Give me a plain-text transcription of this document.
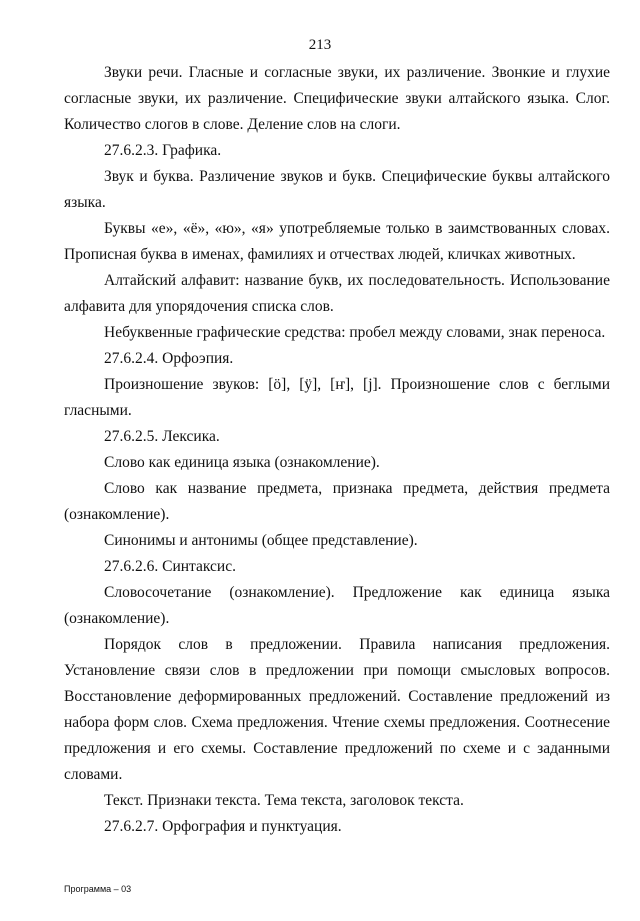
213

Звуки речи. Гласные и согласные звуки, их различение. Звонкие и глухие согласные звуки, их различение. Специфические звуки алтайского языка. Слог. Количество слогов в слове. Деление слов на слоги.

27.6.2.3. Графика.

Звук и буква. Различение звуков и букв. Специфические буквы алтайского языка.

Буквы «е», «ё», «ю», «я» употребляемые только в заимствованных словах. Прописная буква в именах, фамилиях и отчествах людей, кличках животных.

Алтайский алфавит: название букв, их последовательность. Использование алфавита для упорядочения списка слов.

Небуквенные графические средства: пробел между словами, знак переноса.

27.6.2.4. Орфоэпия.

Произношение звуков: [ӧ], [ӱ], [ҥ], [j]. Произношение слов с беглыми гласными.

27.6.2.5. Лексика.

Слово как единица языка (ознакомление).

Слово как название предмета, признака предмета, действия предмета (ознакомление).

Синонимы и антонимы (общее представление).

27.6.2.6. Синтаксис.

Словосочетание (ознакомление). Предложение как единица языка (ознакомление).

Порядок слов в предложении. Правила написания предложения. Установление связи слов в предложении при помощи смысловых вопросов. Восстановление деформированных предложений. Составление предложений из набора форм слов. Схема предложения. Чтение схемы предложения. Соотнесение предложения и его схемы. Составление предложений по схеме и с заданными словами.

Текст. Признаки текста. Тема текста, заголовок текста.

27.6.2.7. Орфография и пунктуация.

Программа – 03
